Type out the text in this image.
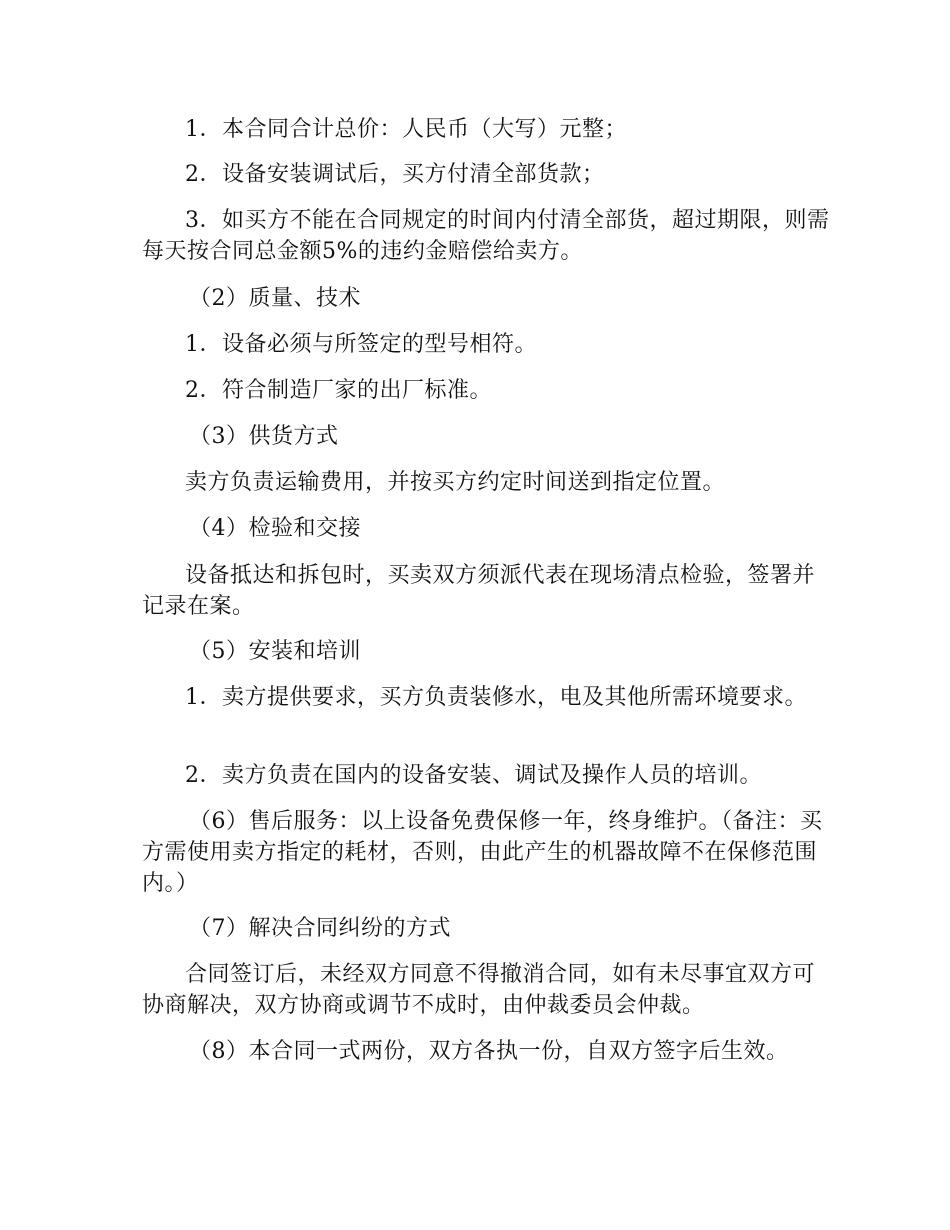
1．本合同合计总价：人民币（大写）元整；

2．设备安装调试后，买方付清全部货款；

3．如买方不能在合同规定的时间内付清全部货，超过期限，则需每天按合同总金额5%的违约金赔偿给卖方。

（2）质量、技术

1．设备必须与所签定的型号相符。

2．符合制造厂家的出厂标准。

（3）供货方式

卖方负责运输费用，并按买方约定时间送到指定位置。

（4）检验和交接

设备抵达和拆包时，买卖双方须派代表在现场清点检验，签署并记录在案。

（5）安装和培训

1．卖方提供要求，买方负责装修水，电及其他所需环境要求。

2．卖方负责在国内的设备安装、调试及操作人员的培训。

（6）售后服务：以上设备免费保修一年，终身维护。（备注：买方需使用卖方指定的耗材，否则，由此产生的机器故障不在保修范围内。）

（7）解决合同纠纷的方式

合同签订后，未经双方同意不得撤消合同，如有未尽事宜双方可协商解决，双方协商或调节不成时，由仲裁委员会仲裁。

（8）本合同一式两份，双方各执一份，自双方签字后生效。
